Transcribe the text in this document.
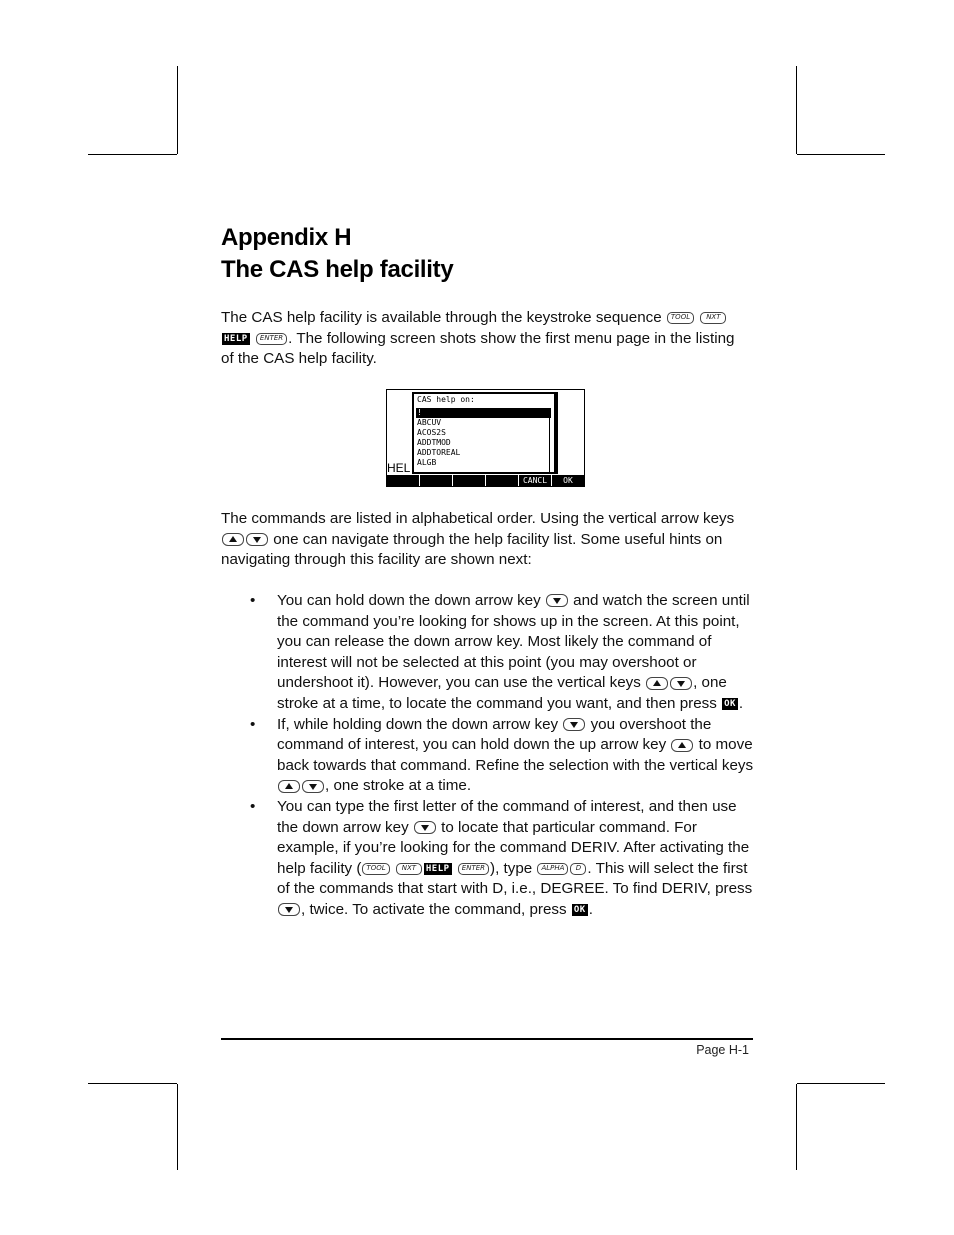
Appendix H
The CAS help facility

The CAS help facility is available through the keystroke sequence TOOL NXT HELP ENTER . The following screen shots show the first menu page in the listing of the CAS help facility.

HEL
CAS help on:
!
ABCUV
ACOS2S
ADDTMOD
ADDTOREAL
ALGB
CANCL	OK

The commands are listed in alphabetical order. Using the vertical arrow keys  one can navigate through the help facility list. Some useful hints on navigating through this facility are shown next:

• You can hold down the down arrow key  and watch the screen until the command you’re looking for shows up in the screen. At this point, you can release the down arrow key. Most likely the command of interest will not be selected at this point (you may overshoot or undershoot it). However, you can use the vertical keys	, one stroke at a time, to locate the command you want, and then press OK .
• If, while holding down the down arrow key  you overshoot the command of interest, you can hold down the up arrow key  to move back towards that command. Refine the selection with the vertical keys , one stroke at a time.
• You can type the first letter of the command of interest, and then use the down arrow key  to locate that particular command. For example, if you’re looking for the command DERIV. After activating the help facility ( TOOL NXT HELP ENTER ), type ALPHA D . This will select the first of the commands that start with D, i.e., DEGREE. To find DERIV, press , twice. To activate the command, press OK .
Page H-1
